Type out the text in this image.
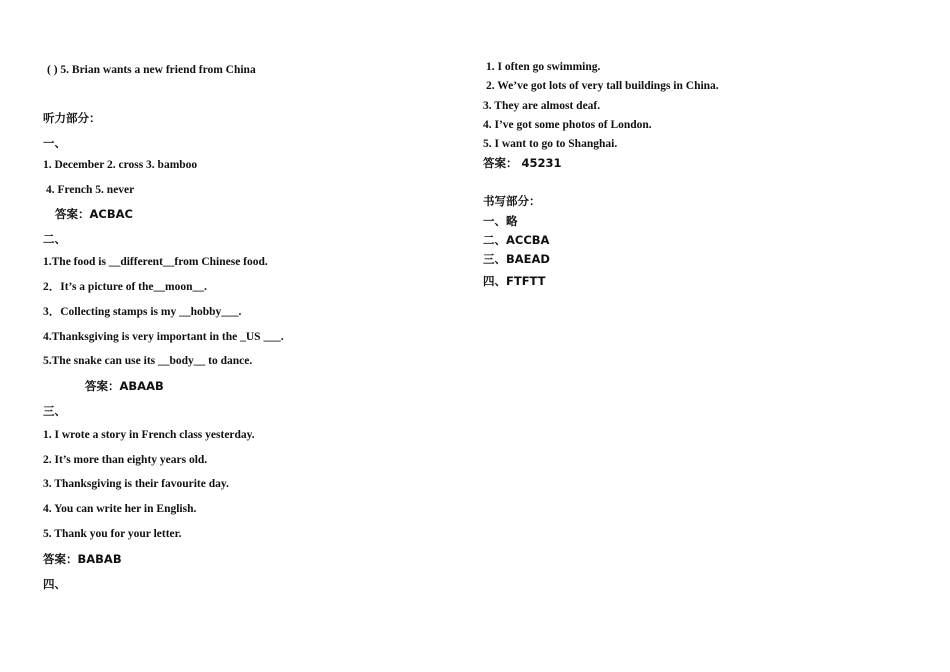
( ) 5. Brian wants a new friend from China
听力部分：
一、
1. December 2. cross 3. bamboo
4. French 5. never
答案：ACBAC
二、
1.The food is __different__from Chinese food.
2．It’s a picture of the__moon__.
3．Collecting stamps is my __hobby___.
4.Thanksgiving is very important in the _US ___.
5.The snake can use its __body__ to dance.
答案：ABAAB
三、
1. I wrote a story in French class yesterday.
2. It’s more than eighty years old.
3. Thanksgiving is their favourite day.
4. You can write her in English.
5. Thank you for your letter.
答案：BABAB
四、
1. I often go swimming.
2. We’ve got lots of very tall buildings in China.
3. They are almost deaf.
4. I’ve got some photos of London.
5. I want to go to Shanghai.
答案： 45231
书写部分：
一、略
二、ACCBA
三、BAEAD
四、FTFTT
